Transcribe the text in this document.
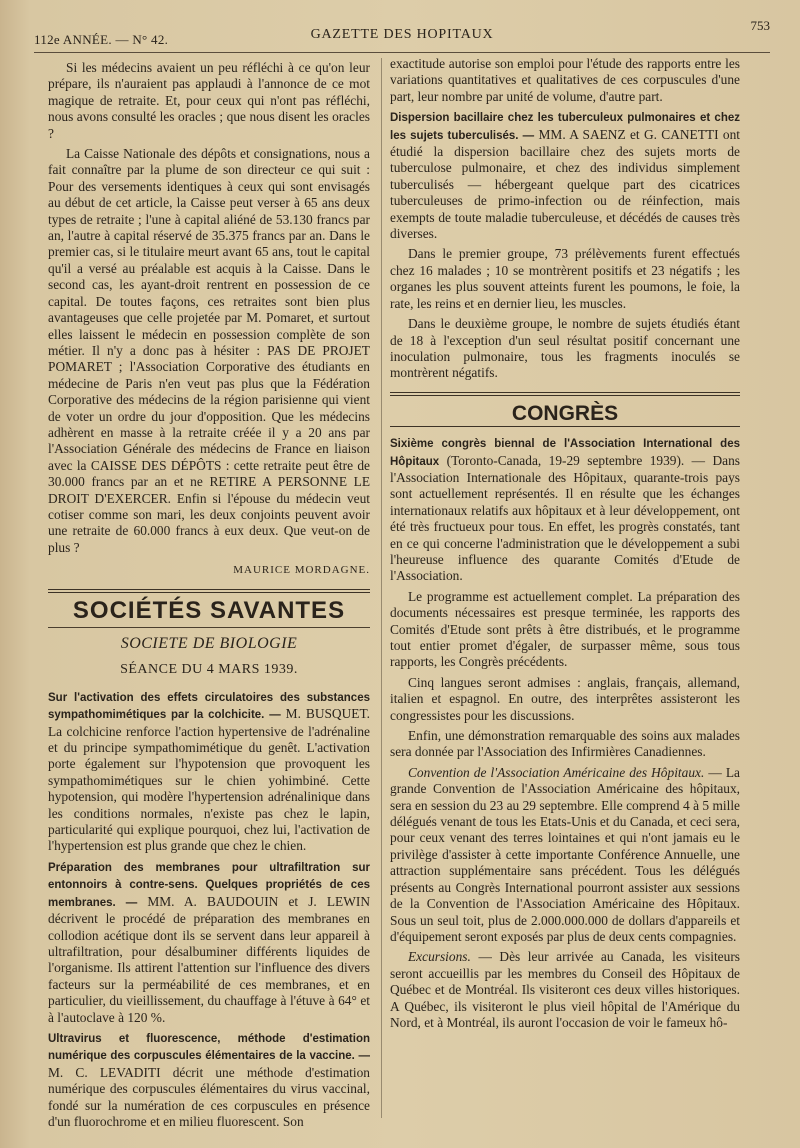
112e ANNÉE. — N° 42.	GAZETTE DES HOPITAUX
753

Si les médecins avaient un peu réfléchi à ce qu'on leur prépare, ils n'auraient pas applaudi à l'annonce de ce mot magique de retraite. Et, pour ceux qui n'ont pas réfléchi, nous avons consulté les oracles ; que nous disent les oracles ?

La Caisse Nationale des dépôts et consignations, nous a fait connaître par la plume de son directeur ce qui suit : Pour des versements identiques à ceux qui sont envisagés au début de cet article, la Caisse peut verser à 65 ans deux types de retraite ; l'une à capital aliéné de 53.130 francs par an, l'autre à capital réservé de 35.375 francs par an. Dans le premier cas, si le titulaire meurt avant 65 ans, tout le capital qu'il a versé au préalable est acquis à la Caisse. Dans le second cas, les ayant-droit rentrent en possession de ce capital. De toutes façons, ces retraites sont bien plus avantageuses que celle projetée par M. Pomaret, et surtout elles laissent le médecin en possession complète de son métier. Il n'y a donc pas à hésiter : PAS DE PROJET POMARET ; l'Association Corporative des étudiants en médecine de Paris n'en veut pas plus que la Fédération Corporative des médecins de la région parisienne qui vient de voter un ordre du jour d'opposition. Que les médecins adhèrent en masse à la retraite créée il y a 20 ans par l'Association Générale des médecins de France en liaison avec la CAISSE DES DÉPÔTS : cette retraite peut être de 30.000 francs par an et ne RETIRE A PERSONNE LE DROIT D'EXERCER. Enfin si l'épouse du médecin veut cotiser comme son mari, les deux conjoints peuvent avoir une retraite de 60.000 francs à eux deux. Que veut-on de plus ?

MAURICE MORDAGNE.
SOCIÉTÉS SAVANTES
SOCIETE DE BIOLOGIE
SÉANCE DU 4 MARS 1939.

Sur l'activation des effets circulatoires des substances sympathomimétiques par la colchicite. — M. BUSQUET. La colchicine renforce l'action hypertensive de l'adrénaline et du principe sympathomimétique du genêt. L'activation porte également sur l'hypotension que provoquent les sympathomimétiques sur le chien yohimbiné. Cette hypotension, qui modère l'hypertension adrénalinique dans les conditions normales, n'existe pas chez le lapin, particularité qui explique pourquoi, chez lui, l'activation de l'hypertension est plus grande que chez le chien.

Préparation des membranes pour ultrafiltration sur entonnoirs à contre-sens. Quelques propriétés de ces membranes. — MM. A. BAUDOUIN et J. LEWIN décrivent le procédé de préparation des membranes en collodion acétique dont ils se servent dans leur appareil à ultrafiltration, pour désalbuminer différents liquides de l'organisme. Ils attirent l'attention sur l'influence des divers facteurs sur la perméabilité de ces membranes, et en particulier, du vieillissement, du chauffage à l'étuve à 64° et à l'autoclave à 120 %.

Ultravirus et fluorescence, méthode d'estimation numérique des corpuscules élémentaires de la vaccine. — M. C. LEVADITI décrit une méthode d'estimation numérique des corpuscules élémentaires du virus vaccinal, fondé sur la numération de ces corpuscules en présence d'un fluorochrome et en milieu fluorescent. Son

exactitude autorise son emploi pour l'étude des rapports entre les variations quantitatives et qualitatives de ces corpuscules d'une part, leur nombre par unité de volume, d'autre part.

Dispersion bacillaire chez les tuberculeux pulmonaires et chez les sujets tuberculisés. — MM. A SAENZ et G. CANETTI ont étudié la dispersion bacillaire chez des sujets morts de tuberculose pulmonaire, et chez des individus simplement tuberculisés — hébergeant quelque part des cicatrices tuberculeuses de primo-infection ou de réinfection, mais exempts de toute maladie tuberculeuse, et décédés de causes très diverses.

Dans le premier groupe, 73 prélèvements furent effectués chez 16 malades ; 10 se montrèrent positifs et 23 négatifs ; les organes les plus souvent atteints furent les poumons, le foie, la rate, les reins et en dernier lieu, les muscles.

Dans le deuxième groupe, le nombre de sujets étudiés étant de 18 à l'exception d'un seul résultat positif concernant une inoculation pulmonaire, tous les fragments inoculés se montrèrent négatifs.

CONGRÈS

Sixième congrès biennal de l'Association International des Hôpitaux (Toronto-Canada, 19-29 septembre 1939). — Dans l'Association Internationale des Hôpitaux, quarante-trois pays sont actuellement représentés. Il en résulte que les échanges internationaux relatifs aux hôpitaux et à leur développement, ont été très fructueux pour tous. En effet, les progrès constatés, tant en ce qui concerne l'administration que le développement a subi l'heureuse influence des quarante Comités d'Etude de l'Association.

Le programme est actuellement complet. La préparation des documents nécessaires est presque terminée, les rapports des Comités d'Etude sont prêts à être distribués, et le programme tout entier promet d'égaler, de surpasser même, sous tous rapports, les Congrès précédents.

Cinq langues seront admises : anglais, français, allemand, italien et espagnol. En outre, des interprêtes assisteront les congressistes pour les discussions.

Enfin, une démonstration remarquable des soins aux malades sera donnée par l'Association des Infirmières Canadiennes.

Convention de l'Association Américaine des Hôpitaux. — La grande Convention de l'Association Américaine des hôpitaux, sera en session du 23 au 29 septembre. Elle comprend 4 à 5 mille délégués venant de tous les Etats-Unis et du Canada, et ceci sera, pour ceux venant des terres lointaines et qui n'ont jamais eu le privilège d'assister à cette importante Conférence Annuelle, une attraction supplémentaire sans précédent. Tous les délégués présents au Congrès International pourront assister aux sessions de la Convention de l'Association Américaine des Hôpitaux. Sous un seul toit, plus de 2.000.000.000 de dollars d'appareils et d'équipement seront exposés par plus de deux cents compagnies.

Excursions. — Dès leur arrivée au Canada, les visiteurs seront accueillis par les membres du Conseil des Hôpitaux de Québec et de Montréal. Ils visiteront ces deux villes historiques. A Québec, ils visiteront le plus vieil hôpital de l'Amérique du Nord, et à Montréal, ils auront l'occasion de voir le fameux hô-
